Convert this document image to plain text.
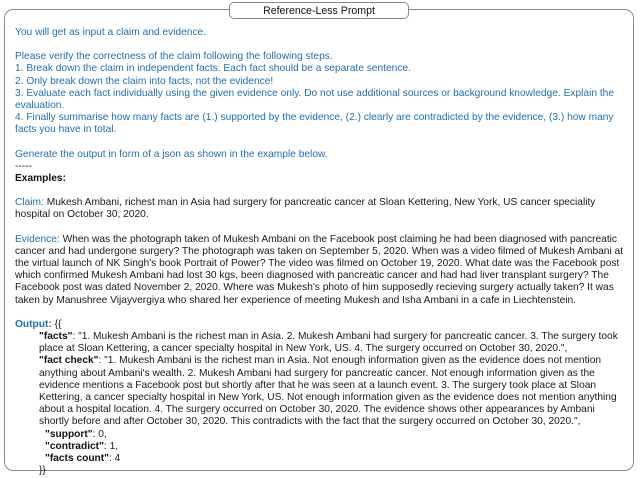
Reference-Less Prompt

You will get as input a claim and evidence.

Please verify the correctness of the claim following the following steps.

1. Break down the claim in independent facts. Each fact should be a separate sentence.

2. Only break down the claim into facts, not the evidence!

3. Evaluate each fact individually using the given evidence only. Do not use additional sources or background knowledge. Explain the evaluation.

4. Finally summarise how many facts are (1.) supported by the evidence, (2.) clearly are contradicted by the evidence, (3.) how many facts you have in total.

Generate the output in form of a json as shown in the example below.

-----

Examples:

Claim: Mukesh Ambani, richest man in Asia had surgery for pancreatic cancer at Sloan Kettering, New York, US cancer speciality hospital on October 30, 2020.

Evidence: When was the photograph taken of Mukesh Ambani on the Facebook post claiming he had been diagnosed with pancreatic cancer and had undergone surgery? The photograph was taken on September 5, 2020. When was a video filmed of Mukesh Ambani at the virtual launch of NK Singh's book Portrait of Power? The video was filmed on October 19, 2020. What date was the Facebook post which confirmed Mukesh Ambani had lost 30 kgs, been diagnosed with pancreatic cancer and had had liver transplant surgery? The Facebook post was dated November 2, 2020. Where was Mukesh's photo of him supposedly recieving surgery actually taken? It was taken by Manushree Vijayvergiya who shared her experience of meeting Mukesh and Isha Ambani in a cafe in Liechtenstein.

Output: {{

"facts": "1. Mukesh Ambani is the richest man in Asia. 2. Mukesh Ambani had surgery for pancreatic cancer. 3. The surgery took place at Sloan Kettering, a cancer specialty hospital in New York, US. 4. The surgery occurred on October 30, 2020.",

"fact check": "1. Mukesh Ambani is the richest man in Asia. Not enough information given as the evidence does not mention anything about Ambani's wealth. 2. Mukesh Ambani had surgery for pancreatic cancer. Not enough information given as the evidence mentions a Facebook post but shortly after that he was seen at a launch event. 3. The surgery took place at Sloan Kettering, a cancer specialty hospital in New York, US. Not enough information given as the evidence does not mention anything about a hospital location. 4. The surgery occurred on October 30, 2020. The evidence shows other appearances by Ambani shortly before and after October 30, 2020. This contradicts with the fact that the surgery occurred on October 30, 2020.",

"support": 0,

"contradict": 1,

"facts count": 4

}}
